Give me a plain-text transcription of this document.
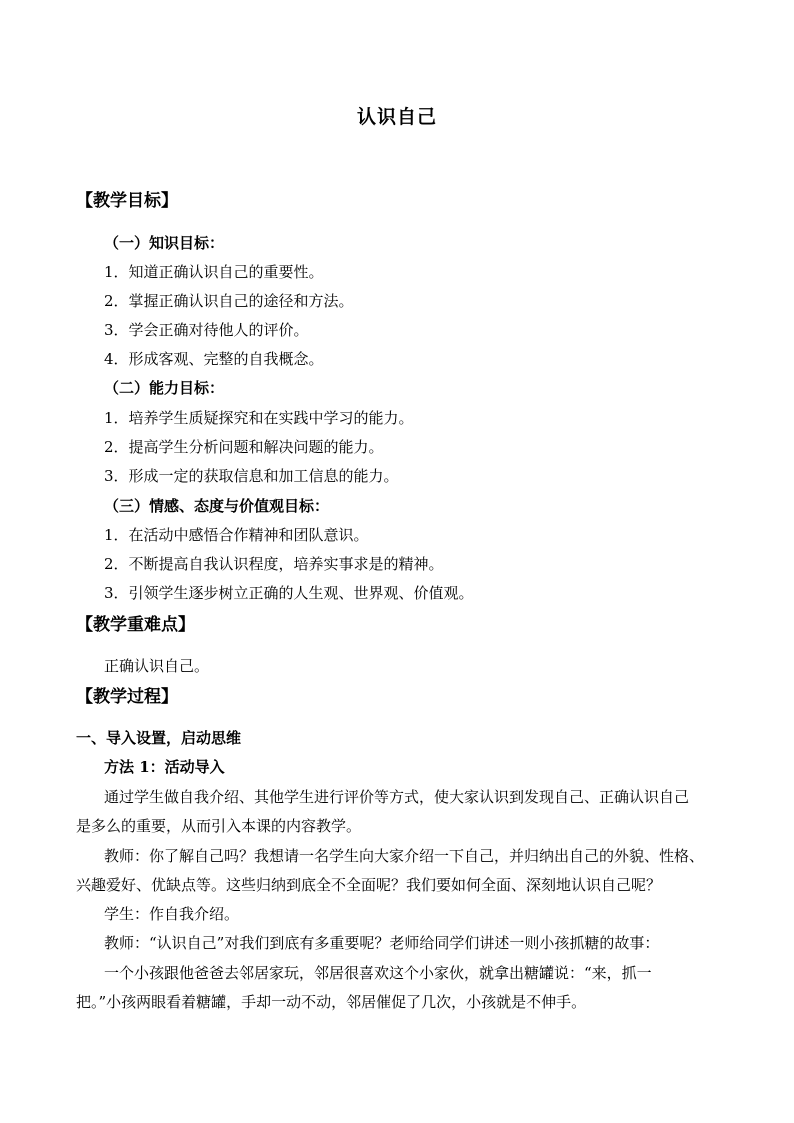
认识自己
【教学目标】
（一）知识目标：
1．知道正确认识自己的重要性。
2．掌握正确认识自己的途径和方法。
3．学会正确对待他人的评价。
4．形成客观、完整的自我概念。
（二）能力目标：
1．培养学生质疑探究和在实践中学习的能力。
2．提高学生分析问题和解决问题的能力。
3．形成一定的获取信息和加工信息的能力。
（三）情感、态度与价值观目标：
1．在活动中感悟合作精神和团队意识。
2．不断提高自我认识程度，培养实事求是的精神。
3．引领学生逐步树立正确的人生观、世界观、价值观。
【教学重难点】
正确认识自己。
【教学过程】
一、导入设置，启动思维
方法 1：活动导入
通过学生做自我介绍、其他学生进行评价等方式，使大家认识到发现自己、正确认识自己
是多么的重要，从而引入本课的内容教学。
教师：你了解自己吗？我想请一名学生向大家介绍一下自己，并归纳出自己的外貌、性格、
兴趣爱好、优缺点等。这些归纳到底全不全面呢？我们要如何全面、深刻地认识自己呢？
学生：作自我介绍。
教师：“认识自己”对我们到底有多重要呢？老师给同学们讲述一则小孩抓糖的故事：
一个小孩跟他爸爸去邻居家玩，邻居很喜欢这个小家伙，就拿出糖罐说：“来，抓一
把。”小孩两眼看着糖罐，手却一动不动，邻居催促了几次，小孩就是不伸手。
